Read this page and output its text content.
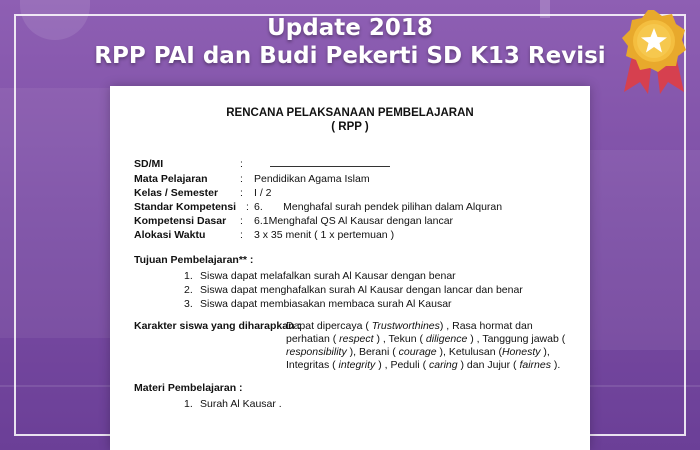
Update 2018
RPP PAI dan Budi Pekerti SD K13 Revisi
RENCANA PELAKSANAAN PEMBELAJARAN
( RPP )
SD/MI	:
Mata Pelajaran	: Pendidikan Agama Islam
Kelas / Semester : I / 2
Standar Kompetensi : 6.       Menghafal surah pendek pilihan dalam Alquran
Kompetensi Dasar : 6.1Menghafal QS Al Kausar dengan lancar
Alokasi Waktu	: 3 x 35 menit ( 1 x pertemuan )
Tujuan Pembelajaran** :
1. Siswa dapat melafalkan surah Al Kausar dengan benar
2. Siswa dapat menghafalkan surah Al Kausar dengan lancar dan benar
3. Siswa dapat membiasakan membaca surah Al Kausar
Karakter siswa yang diharapkan :
Dapat dipercaya ( Trustworthines) , Rasa hormat dan perhatian ( respect ) , Tekun ( diligence ) , Tanggung jawab ( responsibility ), Berani ( courage ), Ketulusan (Honesty ), Integritas ( integrity ) , Peduli ( caring ) dan Jujur ( fairnes ).
Materi Pembelajaran :
1. Surah Al Kausar .
